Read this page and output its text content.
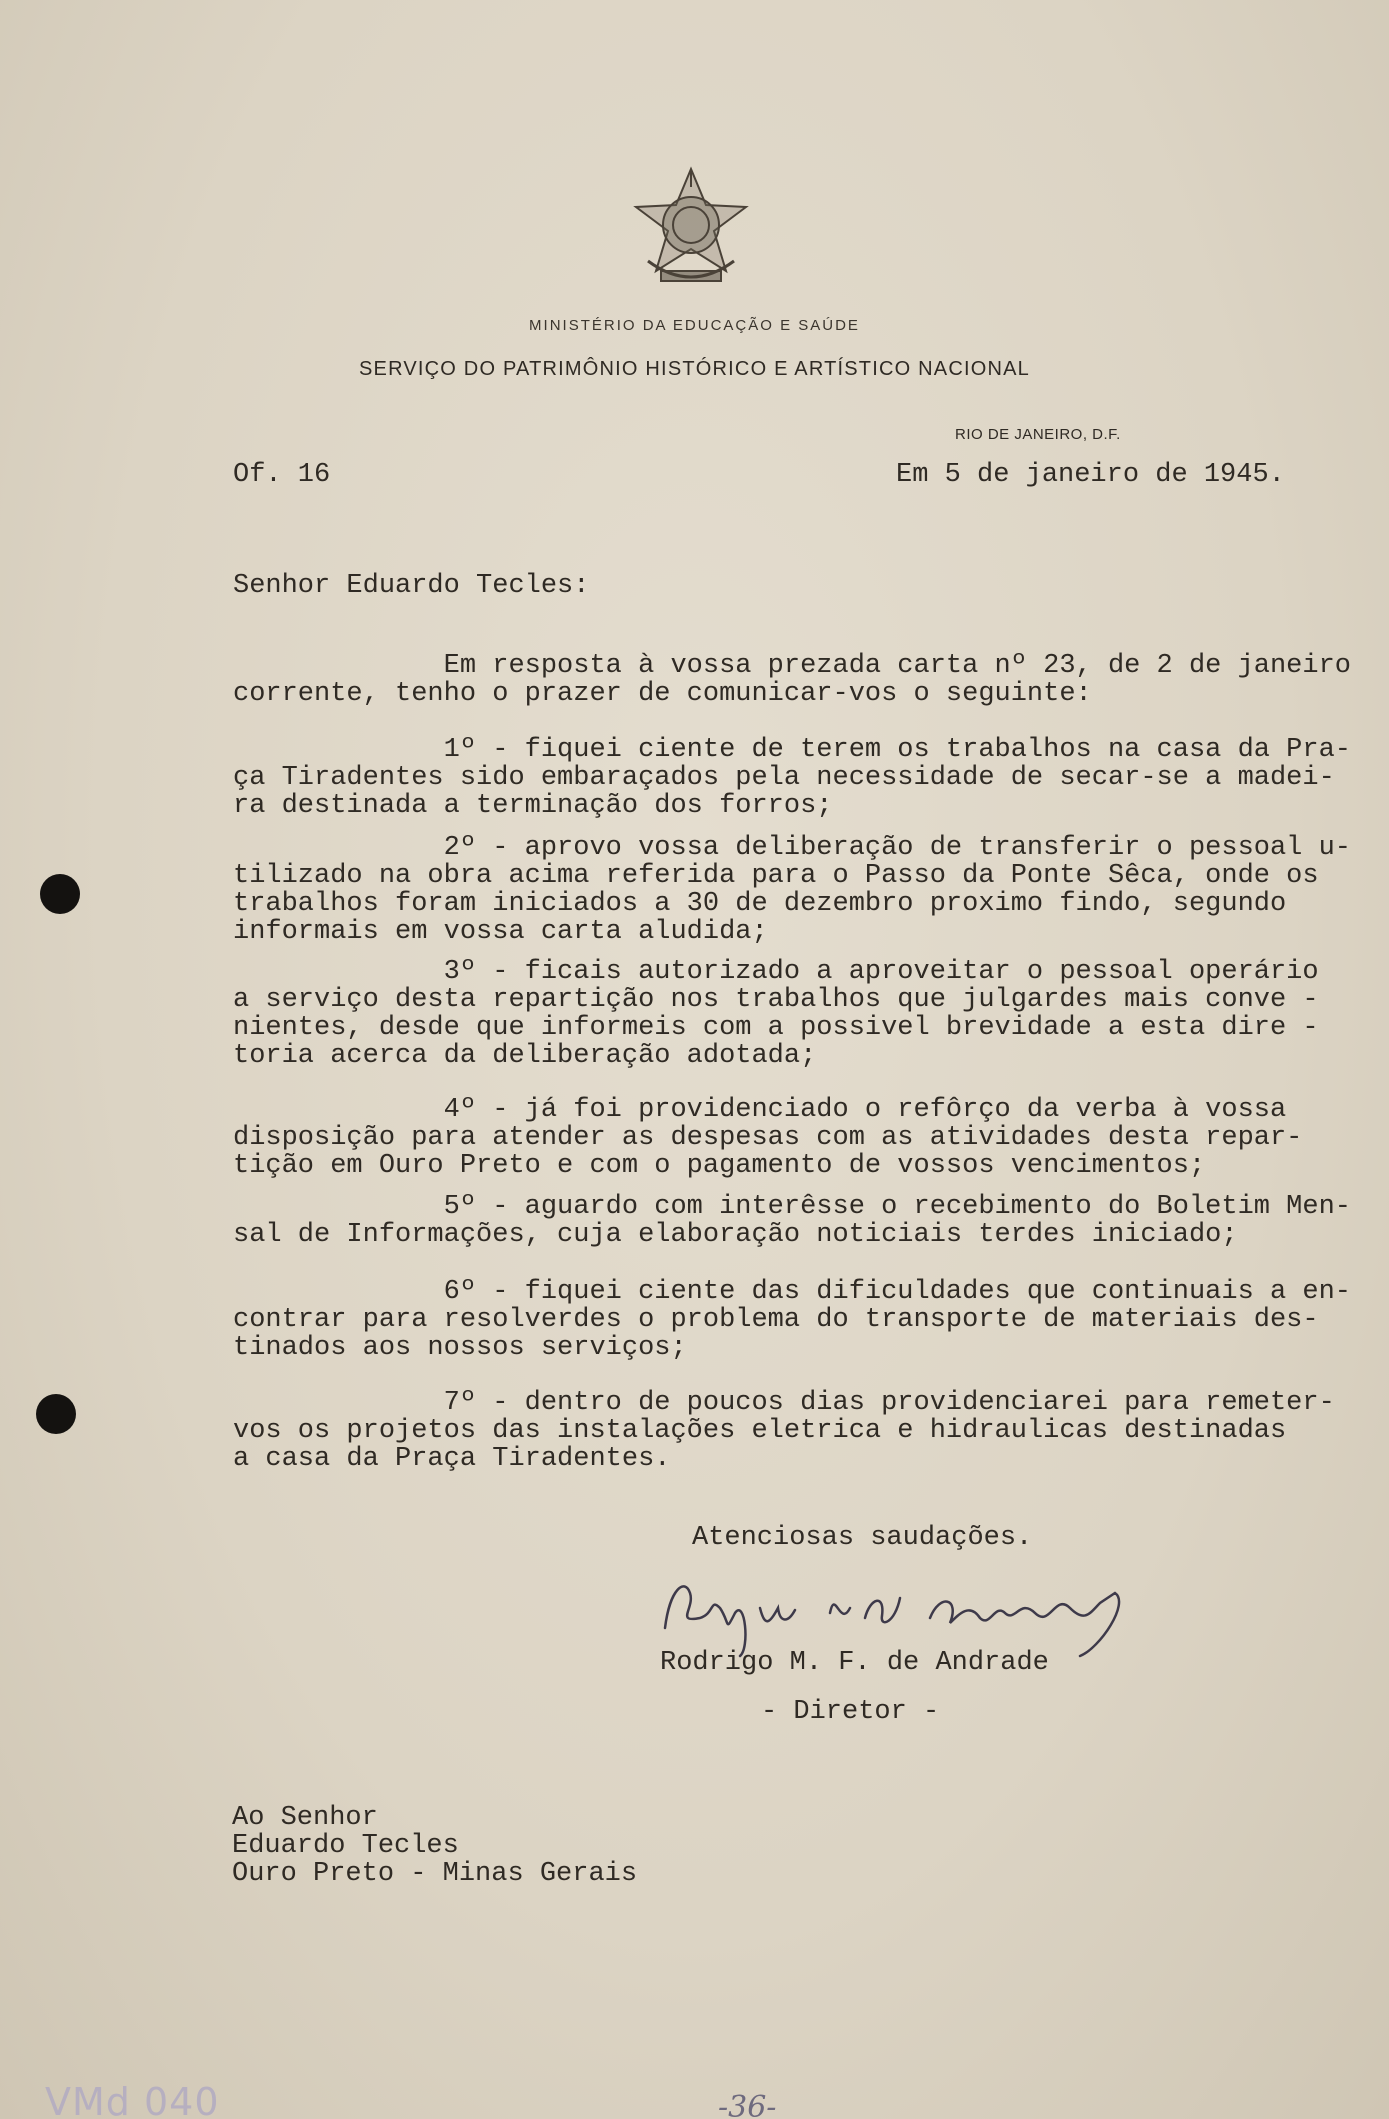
MINISTÉRIO DA EDUCAÇÃO E SAÚDE
SERVIÇO DO PATRIMÔNIO HISTÓRICO E ARTÍSTICO NACIONAL
RIO DE JANEIRO, D.F.
Of. 16	Em 5 de janeiro de 1945.
Senhor Eduardo Tecles:
Em resposta à vossa prezada carta nº 23, de 2 de janeiro
corrente, tenho o prazer de comunicar-vos o seguinte:
1º - fiquei ciente de terem os trabalhos na casa da Pra-
ça Tiradentes sido embaraçados pela necessidade de secar-se a madei-
ra destinada a terminação dos forros;
2º - aprovo vossa deliberação de transferir o pessoal u-
tilizado na obra acima referida para o Passo da Ponte Sêca, onde os
trabalhos foram iniciados a 30 de dezembro proximo findo, segundo
informais em vossa carta aludida;
3º - ficais autorizado a aproveitar o pessoal operário
a serviço desta repartição nos trabalhos que julgardes mais conve -
nientes, desde que informeis com a possivel brevidade a esta dire -
toria acerca da deliberação adotada;
4º - já foi providenciado o refôrço da verba à vossa
disposição para atender as despesas com as atividades desta repar-
tição em Ouro Preto e com o pagamento de vossos vencimentos;
5º - aguardo com interêsse o recebimento do Boletim Men-
sal de Informações, cuja elaboração noticiais terdes iniciado;
6º - fiquei ciente das dificuldades que continuais a en-
contrar para resolverdes o problema do transporte de materiais des-
tinados aos nossos serviços;
7º - dentro de poucos dias providenciarei para remeter-
vos os projetos das instalações eletrica e hidraulicas destinadas
a casa da Praça Tiradentes.
Atenciosas saudações.
Rodrigo M. F. de Andrade
- Diretor -
Ao Senhor
Eduardo Tecles
Ouro Preto - Minas Gerais
-36-
VMd 040
